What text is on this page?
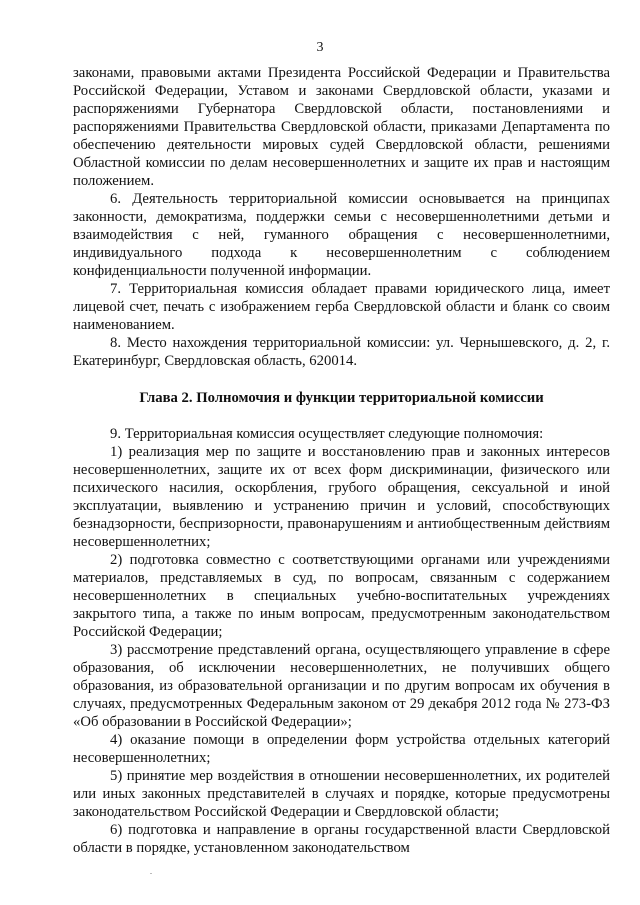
3

законами, правовыми актами Президента Российской Федерации и Правительства Российской Федерации, Уставом и законами Свердловской области, указами и распоряжениями Губернатора Свердловской области, постановлениями и распоряжениями Правительства Свердловской области, приказами Департамента по обеспечению деятельности мировых судей Свердловской области, решениями Областной комиссии по делам несовершеннолетних и защите их прав и настоящим положением.

6. Деятельность территориальной комиссии основывается на принципах законности, демократизма, поддержки семьи с несовершеннолетними детьми и взаимодействия с ней, гуманного обращения с несовершеннолетними, индивидуального подхода к несовершеннолетним с соблюдением конфиденциальности полученной информации.

7. Территориальная комиссия обладает правами юридического лица, имеет лицевой счет, печать с изображением герба Свердловской области и бланк со своим наименованием.

8. Место нахождения территориальной комиссии: ул. Чернышевского, д. 2, г. Екатеринбург, Свердловская область, 620014.

Глава 2. Полномочия и функции территориальной комиссии

9. Территориальная комиссия осуществляет следующие полномочия:

1) реализация мер по защите и восстановлению прав и законных интересов несовершеннолетних, защите их от всех форм дискриминации, физического или психического насилия, оскорбления, грубого обращения, сексуальной и иной эксплуатации, выявлению и устранению причин и условий, способствующих безнадзорности, беспризорности, правонарушениям и антиобщественным действиям несовершеннолетних;

2) подготовка совместно с соответствующими органами или учреждениями материалов, представляемых в суд, по вопросам, связанным с содержанием несовершеннолетних в специальных учебно-воспитательных учреждениях закрытого типа, а также по иным вопросам, предусмотренным законодательством Российской Федерации;

3) рассмотрение представлений органа, осуществляющего управление в сфере образования, об исключении несовершеннолетних, не получивших общего образования, из образовательной организации и по другим вопросам их обучения в случаях, предусмотренных Федеральным законом от 29 декабря 2012 года № 273-ФЗ «Об образовании в Российской Федерации»;

4) оказание помощи в определении форм устройства отдельных категорий несовершеннолетних;

5) принятие мер воздействия в отношении несовершеннолетних, их родителей или иных законных представителей в случаях и порядке, которые предусмотрены законодательством Российской Федерации и Свердловской области;

6) подготовка и направление в органы государственной власти Свердловской области в порядке, установленном законодательством
